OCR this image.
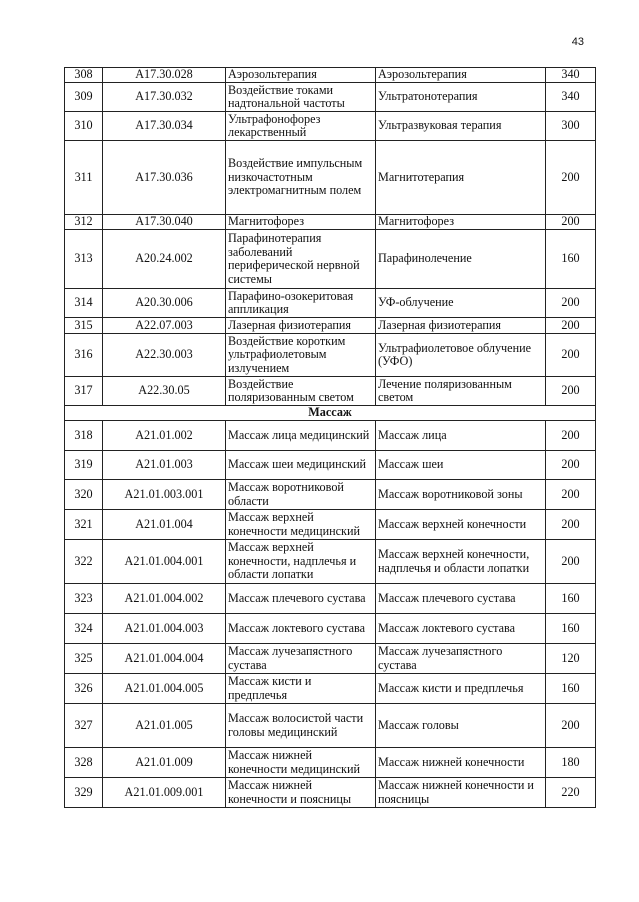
43
308	A17.30.028	Аэрозольтерапия	Аэрозольтерапия	340
309	A17.30.032	Воздействие токами надтональной частоты	Ультратонотерапия	340
310	A17.30.034	Ультрафонофорез лекарственный	Ультразвуковая терапия	300
311	A17.30.036	Воздействие импульсным низкочастотным электромагнитным полем	Магнитотерапия	200
312	A17.30.040	Магнитофорез	Магнитофорез	200
313	A20.24.002	Парафинотерапия заболеваний периферической нервной системы	Парафинолечение	160
314	A20.30.006	Парафино-озокеритовая аппликация	УФ-облучение	200
315	A22.07.003	Лазерная физиотерапия	Лазерная физиотерапия	200
316	A22.30.003	Воздействие коротким ультрафиолетовым излучением	Ультрафиолетовое облучение (УФО)	200
317	A22.30.05	Воздействие поляризованным светом	Лечение поляризованным светом	200
Массаж				
318	A21.01.002	Массаж лица медицинский	Массаж лица	200
319	A21.01.003	Массаж шеи медицинский	Массаж шеи	200
320	A21.01.003.001	Массаж воротниковой области	Массаж воротниковой зоны	200
321	A21.01.004	Массаж верхней конечности медицинский	Массаж верхней конечности	200
322	A21.01.004.001	Массаж верхней конечности, надплечья и области лопатки	Массаж верхней конечности, надплечья и области лопатки	200
323	A21.01.004.002	Массаж плечевого сустава	Массаж плечевого сустава	160
324	A21.01.004.003	Массаж локтевого сустава	Массаж локтевого сустава	160
325	A21.01.004.004	Массаж лучезапястного сустава	Массаж лучезапястного сустава	120
326	A21.01.004.005	Массаж кисти и предплечья	Массаж кисти и предплечья	160
327	A21.01.005	Массаж волосистой части головы медицинский	Массаж головы	200
328	A21.01.009	Массаж нижней конечности медицинский	Массаж нижней конечности	180
329	A21.01.009.001	Массаж нижней конечности и поясницы	Массаж нижней конечности и поясницы	220
